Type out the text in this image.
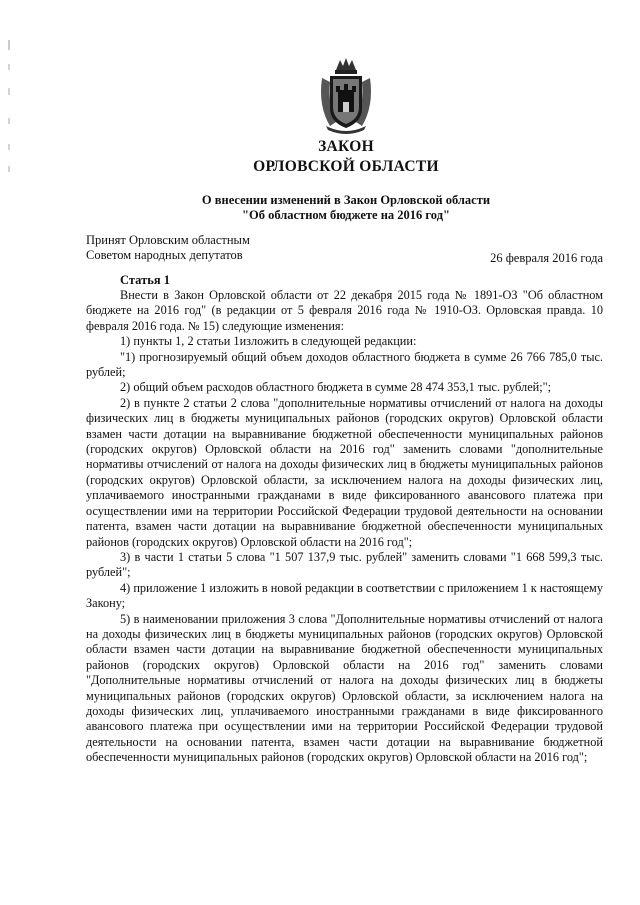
ЗАКОН
ОРЛОВСКОЙ ОБЛАСТИ
О внесении изменений в Закон Орловской области
"Об областном бюджете на 2016 год"
Принят Орловским областным
Советом народных депутатов	26 февраля 2016 года
Статья 1

Внести в Закон Орловской области от 22 декабря 2015 года № 1891-ОЗ "Об областном бюджете на 2016 год" (в редакции от 5 февраля 2016 года № 1910-ОЗ. Орловская правда. 10 февраля 2016 года. № 15) следующие изменения:

1) пункты 1, 2 статьи 1изложить в следующей редакции:

"1) прогнозируемый общий объем доходов областного бюджета в сумме 26 766 785,0 тыс. рублей;

2) общий объем расходов областного бюджета в сумме 28 474 353,1 тыс. рублей;";

2) в пункте 2 статьи 2 слова "дополнительные нормативы отчислений от налога на доходы физических лиц в бюджеты муниципальных районов (городских округов) Орловской области взамен части дотации на выравнивание бюджетной обеспеченности муниципальных районов (городских округов) Орловской области на 2016 год" заменить словами "дополнительные нормативы отчислений от налога на доходы физических лиц в бюджеты муниципальных районов (городских округов) Орловской области, за исключением налога на доходы физических лиц, уплачиваемого иностранными гражданами в виде фиксированного авансового платежа при осуществлении ими на территории Российской Федерации трудовой деятельности на основании патента, взамен части дотации на выравнивание бюджетной обеспеченности муниципальных районов (городских округов) Орловской области на 2016 год";

3) в части 1 статьи 5 слова "1 507 137,9 тыс. рублей" заменить словами "1 668 599,3 тыс. рублей";

4) приложение 1 изложить в новой редакции в соответствии с приложением 1 к настоящему Закону;

5) в наименовании приложения 3 слова "Дополнительные нормативы отчислений от налога на доходы физических лиц в бюджеты муниципальных районов (городских округов) Орловской области взамен части дотации на выравнивание бюджетной обеспеченности муниципальных районов (городских округов) Орловской области на 2016 год" заменить словами "Дополнительные нормативы отчислений от налога на доходы физических лиц в бюджеты муниципальных районов (городских округов) Орловской области, за исключением налога на доходы физических лиц, уплачиваемого иностранными гражданами в виде фиксированного авансового платежа при осуществлении ими на территории Российской Федерации трудовой деятельности на основании патента, взамен части дотации на выравнивание бюджетной обеспеченности муниципальных районов (городских округов) Орловской области на 2016 год";
